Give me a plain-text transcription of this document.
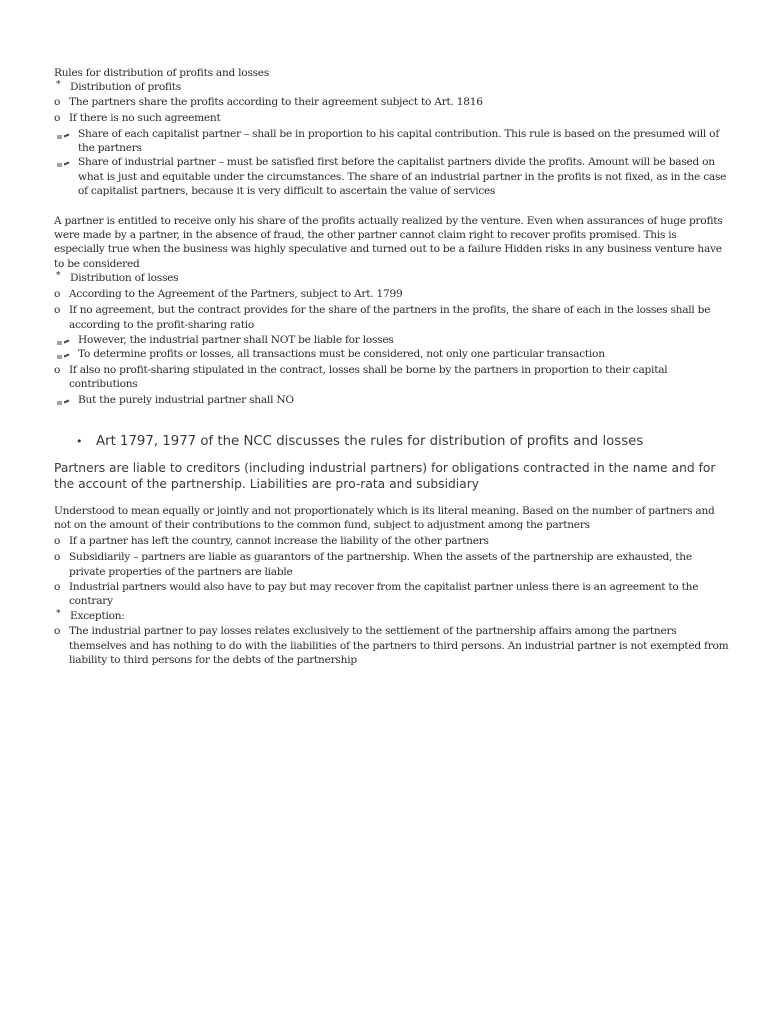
Rules for distribution of profits and losses

* Distribution of profits
o The partners share the profits according to their agreement subject to Art. 1816
o If there is no such agreement
Share of each capitalist partner – shall be in proportion to his capital contribution. This rule is based on the presumed will of the partners
Share of industrial partner – must be satisfied first before the capitalist partners divide the profits. Amount will be based on what is just and equitable under the circumstances. The share of an industrial partner in the profits is not fixed, as in the case of capitalist partners, because it is very difficult to ascertain the value of services

A partner is entitled to receive only his share of the profits actually realized by the venture. Even when assurances of huge profits were made by a partner, in the absence of fraud, the other partner cannot claim right to recover profits promised. This is especially true when the business was highly speculative and turned out to be a failure Hidden risks in any business venture have to be considered

* Distribution of losses
o According to the Agreement of the Partners, subject to Art. 1799
o If no agreement, but the contract provides for the share of the partners in the profits, the share of each in the losses shall be according to the profit-sharing ratio
However, the industrial partner shall NOT be liable for losses
To determine profits or losses, all transactions must be considered, not only one particular transaction
o If also no profit-sharing stipulated in the contract, losses shall be borne by the partners in proportion to their capital contributions
But the purely industrial partner shall NO
•	Art 1797, 1977 of the NCC discusses the rules for distribution of profits and losses

Partners are liable to creditors (including industrial partners) for obligations contracted in the name and for the account of the partnership. Liabilities are pro-rata and subsidiary

Understood to mean equally or jointly and not proportionately which is its literal meaning. Based on the number of partners and not on the amount of their contributions to the common fund, subject to adjustment among the partners

o If a partner has left the country, cannot increase the liability of the other partners
o Subsidiarily – partners are liable as guarantors of the partnership. When the assets of the partnership are exhausted, the private properties of the partners are liable
o Industrial partners would also have to pay but may recover from the capitalist partner unless there is an agreement to the contrary
* Exception:
o The industrial partner to pay losses relates exclusively to the settlement of the partnership affairs among the partners themselves and has nothing to do with the liabilities of the partners to third persons. An industrial partner is not exempted from liability to third persons for the debts of the partnership
